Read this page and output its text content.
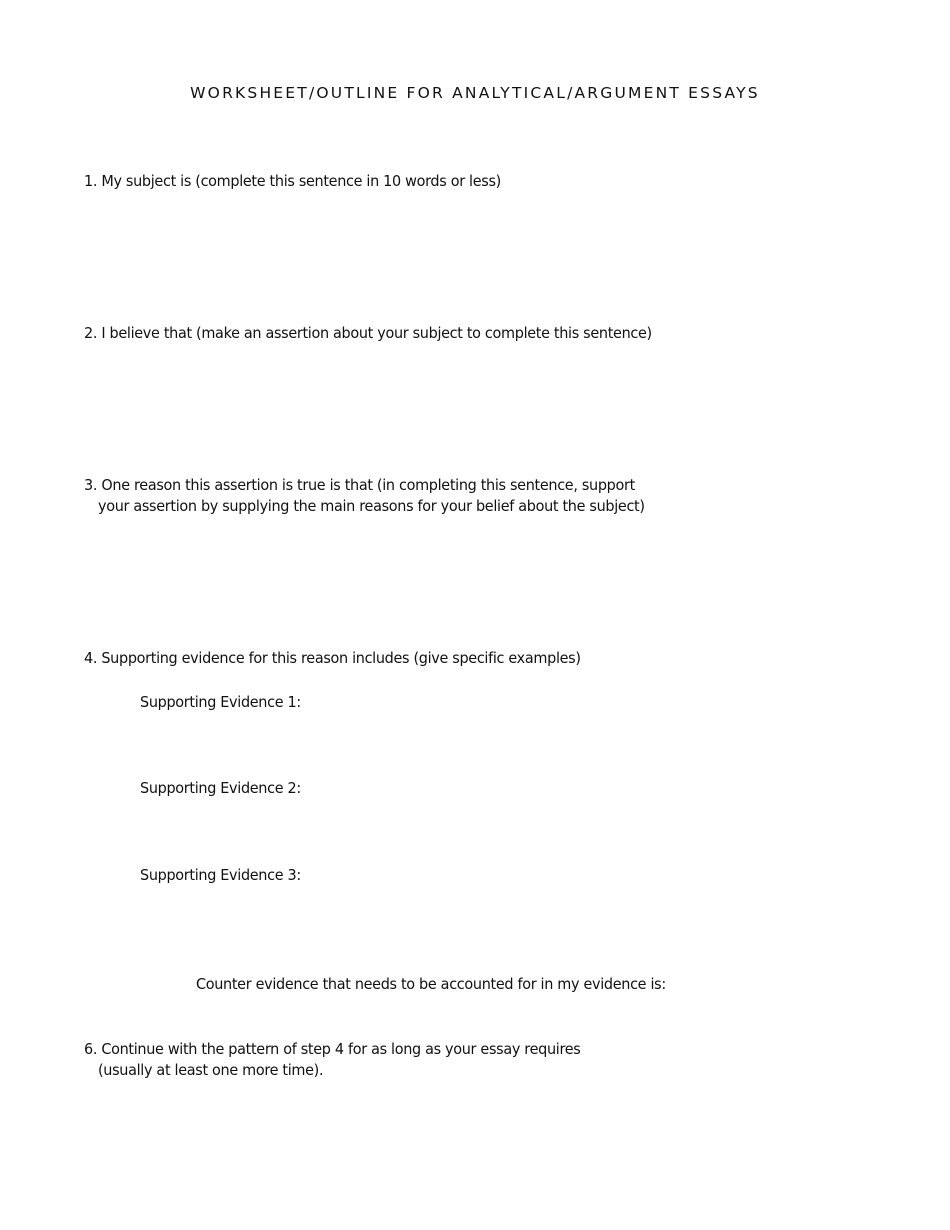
WORKSHEET/OUTLINE FOR ANALYTICAL/ARGUMENT ESSAYS
1. My subject is (complete this sentence in 10 words or less)
2. I believe that (make an assertion about your subject to complete this sentence)
3. One reason this assertion is true is that (in completing this sentence, support
your assertion by supplying the main reasons for your belief about the subject)
4. Supporting evidence for this reason includes (give specific examples)
Supporting Evidence 1:
Supporting Evidence 2:
Supporting Evidence 3:
Counter evidence that needs to be accounted for in my evidence is:
6. Continue with the pattern of step 4 for as long as your essay requires
(usually at least one more time).
